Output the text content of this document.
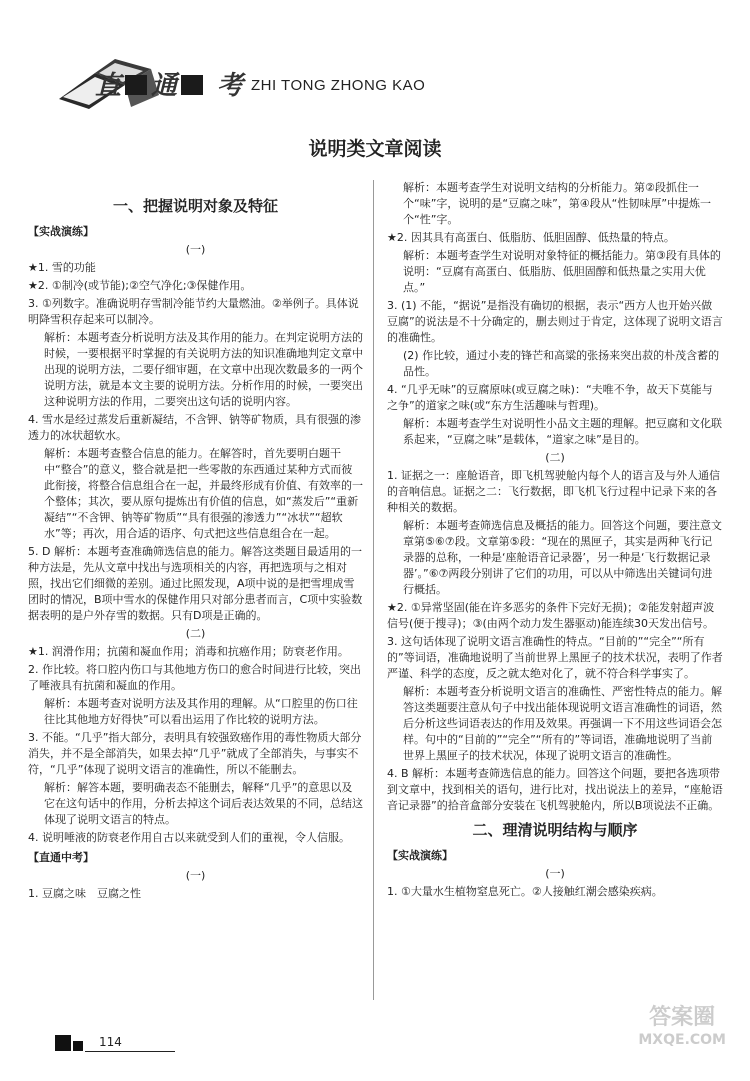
直 通 考 ZHI TONG ZHONG KAO
说明类文章阅读
一、把握说明对象及特征
【实战演练】
(一)

★1. 雪的功能

★2. ①制冷(或节能);②空气净化;③保健作用。

3. ①列数字。准确说明存雪制冷能节约大量燃油。②举例子。具体说明降雪积存起来可以制冷。

解析：本题考查分析说明方法及其作用的能力。在判定说明方法的时候，一要根据平时掌握的有关说明方法的知识准确地判定文章中出现的说明方法，二要仔细审题，在文章中出现次数最多的一两个说明方法，就是本文主要的说明方法。分析作用的时候，一要突出这种说明方法的作用，二要突出这句话的说明内容。

4. 雪水是经过蒸发后重新凝结，不含钾、钠等矿物质，具有很强的渗透力的冰状超软水。

解析：本题考查整合信息的能力。在解答时，首先要明白题干中“整合”的意义，整合就是把一些零散的东西通过某种方式而彼此衔接，将整合信息组合在一起，并最终形成有价值、有效率的一个整体；其次，要从原句提炼出有价值的信息，如“蒸发后”“重新凝结”“不含钾、钠等矿物质”“具有很强的渗透力”“冰状”“超软水”等；再次，用合适的语序、句式把这些信息组合在一起。

5. D 解析：本题考查准确筛选信息的能力。解答这类题目最适用的一种方法是，先从文章中找出与选项相关的内容，再把选项与之相对照，找出它们细微的差别。通过比照发现，A项中说的是把雪埋成雪团时的情况，B项中雪水的保健作用只对部分患者而言，C项中实验数据表明的是户外存雪的数据。只有D项是正确的。

(二)

★1. 润滑作用；抗菌和凝血作用；消毒和抗癌作用；防衰老作用。

2. 作比较。将口腔内伤口与其他地方伤口的愈合时间进行比较，突出了唾液具有抗菌和凝血的作用。

解析：本题考查对说明方法及其作用的理解。从“口腔里的伤口往往比其他地方好得快”可以看出运用了作比较的说明方法。

3. 不能。“几乎”指大部分，表明具有较强致癌作用的毒性物质大部分消失，并不是全部消失，如果去掉“几乎”就成了全部消失，与事实不符，“几乎”体现了说明文语言的准确性，所以不能删去。

解析：解答本题，要明确表态不能删去，解释“几乎”的意思以及它在这句话中的作用，分析去掉这个词后表达效果的不同，总结这体现了说明文语言的特点。

4. 说明唾液的防衰老作用自古以来就受到人们的重视，令人信服。

【直通中考】
(一)

1. 豆腐之味　豆腐之性

解析：本题考查学生对说明文结构的分析能力。第②段抓住一个“味”字，说明的是“豆腐之味”，第④段从“性韧味厚”中提炼一个“性”字。

★2. 因其具有高蛋白、低脂肪、低胆固醇、低热量的特点。

解析：本题考查学生对说明对象特征的概括能力。第③段有具体的说明：“豆腐有高蛋白、低脂肪、低胆固醇和低热量之实用大优点。”

3. (1) 不能，“据说”是指没有确切的根据，表示“西方人也开始兴做豆腐”的说法是不十分确定的，删去则过于肯定，这体现了说明文语言的准确性。

(2) 作比较，通过小麦的锋芒和高粱的张扬来突出菽的朴茂含蓄的品性。

4. “几乎无味”的豆腐原味(或豆腐之味)：“夫唯不争，故天下莫能与之争”的道家之味(或“东方生活趣味与哲理)。

解析：本题考查学生对说明性小品文主题的理解。把豆腐和文化联系起来，“豆腐之味”是载体，“道家之味”是目的。

(二)

1. 证据之一：座舱语音，即飞机驾驶舱内每个人的语言及与外人通信的音响信息。证据之二：飞行数据，即飞机飞行过程中记录下来的各种相关的数据。

解析：本题考查筛选信息及概括的能力。回答这个问题，要注意文章第⑤⑥⑦段。文章第⑤段：“现在的黑匣子，其实是两种飞行记录器的总称，一种是‘座舱语音记录器’，另一种是‘飞行数据记录器’。”⑥⑦两段分别讲了它们的功用，可以从中筛选出关键词句进行概括。

★2. ①异常坚固(能在许多恶劣的条件下完好无损)；②能发射超声波信号(便于搜寻)；③(由两个动力发生器驱动)能连续30天发出信号。

3. 这句话体现了说明文语言准确性的特点。“目前的”“完全”“所有的”等词语，准确地说明了当前世界上黑匣子的技术状况，表明了作者严谨、科学的态度，反之就太绝对化了，就不符合科学事实了。

解析：本题考查分析说明文语言的准确性、严密性特点的能力。解答这类题要注意从句子中找出能体现说明文语言准确性的词语，然后分析这些词语表达的作用及效果。再强调一下不用这些词语会怎样。句中的“目前的”“完全”“所有的”等词语，准确地说明了当前世界上黑匣子的技术状况，体现了说明文语言的准确性。

4. B 解析：本题考查筛选信息的能力。回答这个问题，要把各选项带到文章中，找到相关的语句，进行比对，找出说法上的差异，“座舱语音记录器”的拾音盒部分安装在飞机驾驶舱内，所以B项说法不正确。

二、理清说明结构与顺序
【实战演练】
(一)

1. ①大量水生植物窒息死亡。②人接触红潮会感染疾病。

114
答案圈
MXQE.COM
